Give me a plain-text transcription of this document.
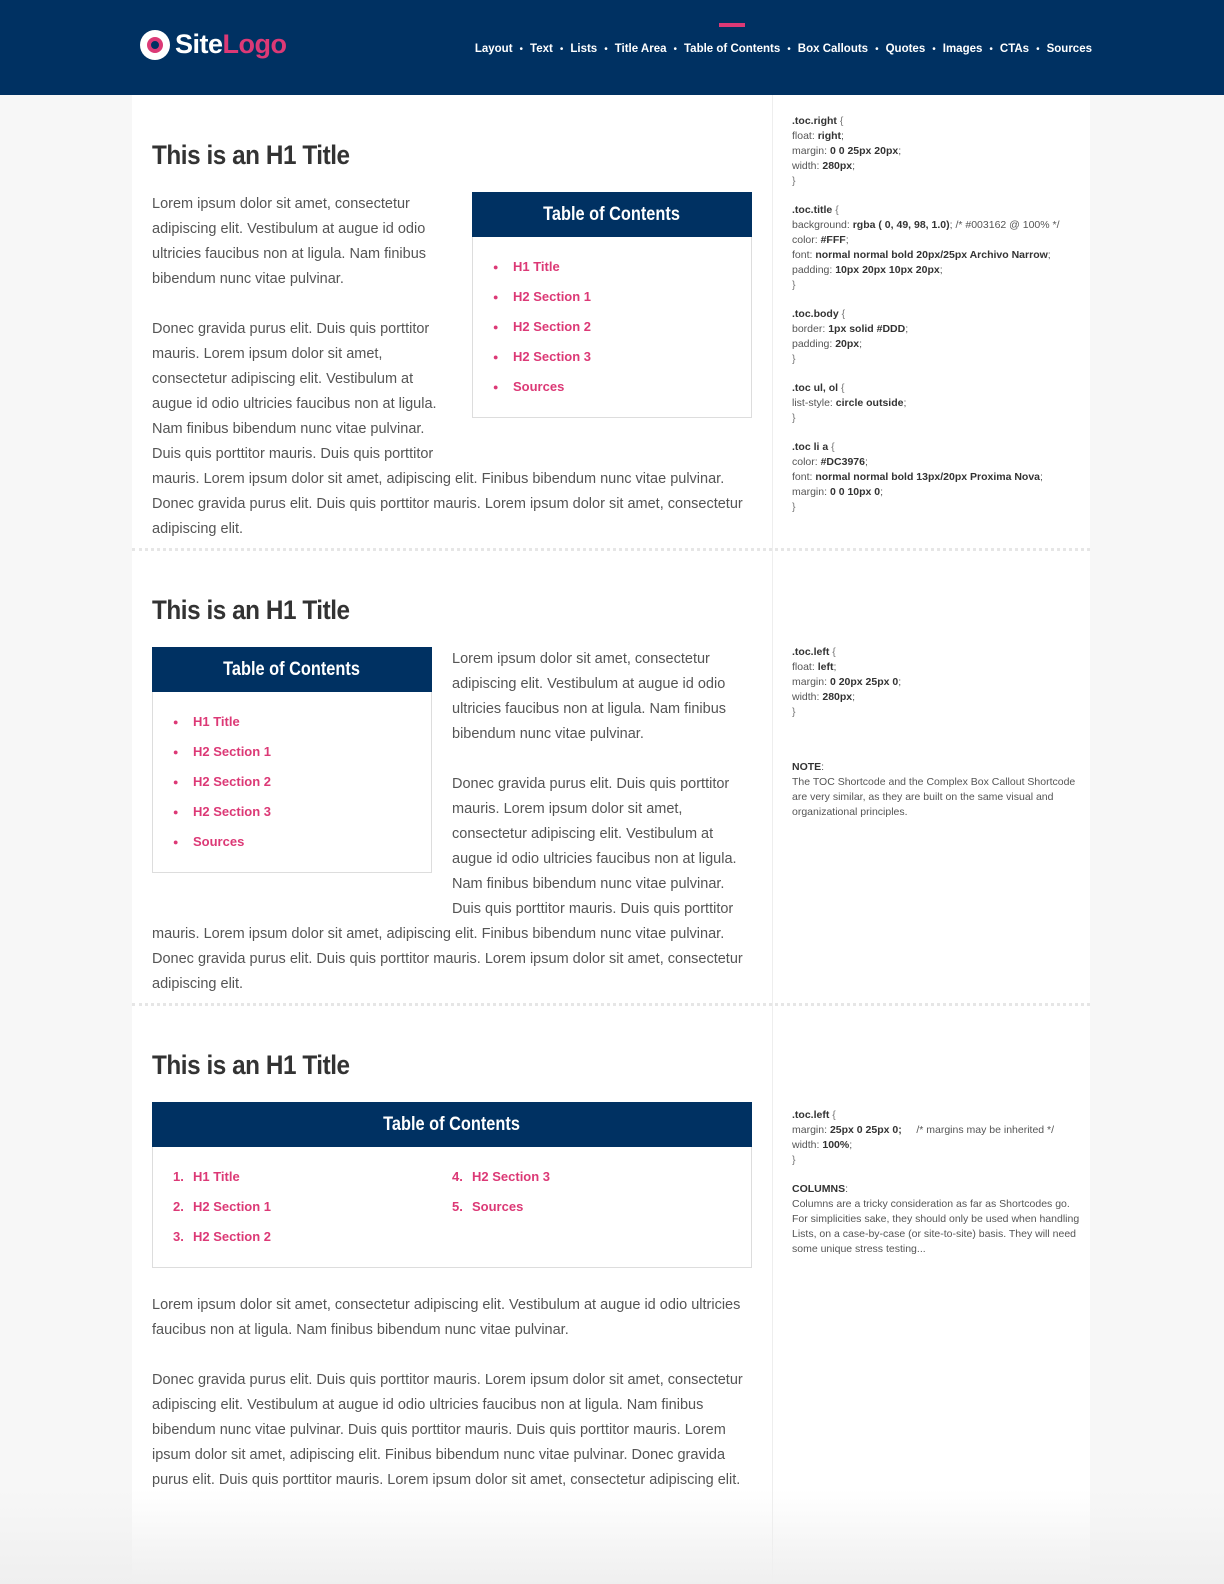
SiteLogo	Layout • Text • Lists • Title Area • Table of Contents • Box Callouts • Quotes • Images • CTAs • Sources
This is an H1 Title
Table of Contents
●	H1 Title
●	H2 Section 1
●	H2 Section 2
●	H2 Section 3
●	Sources

Lorem ipsum dolor sit amet, consectetur adipiscing elit. Vestibulum at augue id odio ultricies faucibus non at ligula. Nam finibus bibendum nunc vitae pulvinar.

Donec gravida purus elit. Duis quis porttitor mauris. Lorem ipsum dolor sit amet, consectetur adipiscing elit. Vestibulum at augue id odio ultricies faucibus non at ligula. Nam finibus bibendum nunc vitae pulvinar. Duis quis porttitor mauris. Duis quis porttitor mauris. Lorem ipsum dolor sit amet, adipiscing elit. Finibus bibendum nunc vitae pulvinar. Donec gravida purus elit. Duis quis porttitor mauris. Lorem ipsum dolor sit amet, consectetur adipiscing elit.

This is an H1 Title
Table of Contents
●	H1 Title
●	H2 Section 1
●	H2 Section 2
●	H2 Section 3
●	Sources

Lorem ipsum dolor sit amet, consectetur adipiscing elit. Vestibulum at augue id odio ultricies faucibus non at ligula. Nam finibus bibendum nunc vitae pulvinar.

Donec gravida purus elit. Duis quis porttitor mauris. Lorem ipsum dolor sit amet, consectetur adipiscing elit. Vestibulum at augue id odio ultricies faucibus non at ligula. Nam finibus bibendum nunc vitae pulvinar. Duis quis porttitor mauris. Duis quis porttitor mauris. Lorem ipsum dolor sit amet, adipiscing elit. Finibus bibendum nunc vitae pulvinar. Donec gravida purus elit. Duis quis porttitor mauris. Lorem ipsum dolor sit amet, consectetur adipiscing elit.

This is an H1 Title
Table of Contents
1. H1 Title
2. H2 Section 1
3. H2 Section 2
4. H2 Section 3
5. Sources

Lorem ipsum dolor sit amet, consectetur adipiscing elit. Vestibulum at augue id odio ultricies faucibus non at ligula. Nam finibus bibendum nunc vitae pulvinar.

Donec gravida purus elit. Duis quis porttitor mauris. Lorem ipsum dolor sit amet, consectetur adipiscing elit. Vestibulum at augue id odio ultricies faucibus non at ligula. Nam finibus bibendum nunc vitae pulvinar. Duis quis porttitor mauris. Duis quis porttitor mauris. Lorem ipsum dolor sit amet, adipiscing elit. Finibus bibendum nunc vitae pulvinar. Donec gravida purus elit. Duis quis porttitor mauris. Lorem ipsum dolor sit amet, consectetur adipiscing elit.

.toc.right {
float: right;
margin: 0 0 25px 20px;
width: 280px;
}
.toc.title {
background: rgba ( 0, 49, 98, 1.0); /* #003162 @ 100% */
color: #FFF;
font: normal normal bold 20px/25px Archivo Narrow;
padding: 10px 20px 10px 20px;
}
.toc.body {
border: 1px solid #DDD;
padding: 20px;
}
.toc ul, ol {
list-style: circle outside;
}
.toc li a {
color: #DC3976;
font: normal normal bold 13px/20px Proxima Nova;
margin: 0 0 10px 0;
}
.toc.left {
float: left;
margin: 0 20px 25px 0;
width: 280px;
}
NOTE:
The TOC Shortcode and the Complex Box Callout Shortcode are very similar, as they are built on the same visual and organizational principles.
.toc.left {
margin: 25px 0 25px 0; /* margins may be inherited */
width: 100%;
}
COLUMNS:
Columns are a tricky consideration as far as Shortcodes go. For simplicities sake, they should only be used when handling Lists, on a case-by-case (or site-to-site) basis. They will need some unique stress testing...
